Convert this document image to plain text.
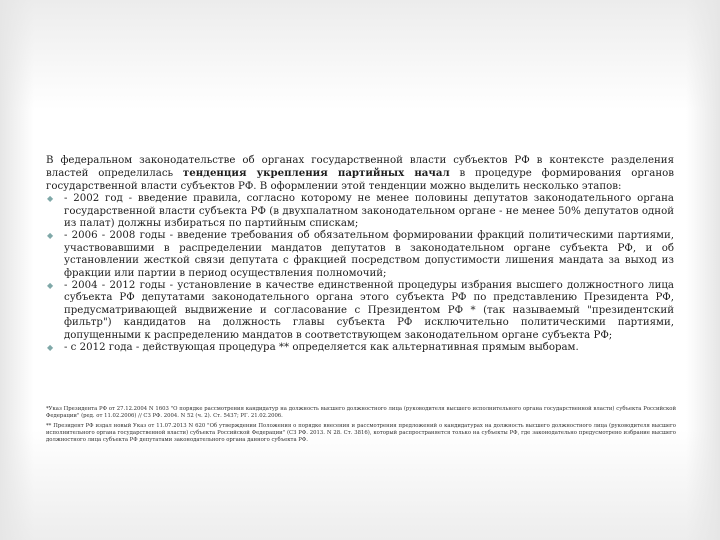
В федеральном законодательстве об органах государственной власти субъектов РФ в контексте разделения властей определилась тенденция укрепления партийных начал в процедуре формирования органов государственной власти субъектов РФ. В оформлении этой тенденции можно выделить несколько этапов:

◆ - 2002 год - введение правила, согласно которому не менее половины депутатов законодательного органа государственной власти субъекта РФ (в двухпалатном законодательном органе - не менее 50% депутатов одной из палат) должны избираться по партийным спискам;
◆ - 2006 - 2008 годы - введение требования об обязательном формировании фракций политическими партиями, участвовавшими в распределении мандатов депутатов в законодательном органе субъекта РФ, и об установлении жесткой связи депутата с фракцией посредством допустимости лишения мандата за выход из фракции или партии в период осуществления полномочий;
◆ - 2004 - 2012 годы - установление в качестве единственной процедуры избрания высшего должностного лица субъекта РФ депутатами законодательного органа этого субъекта РФ по представлению Президента РФ, предусматривающей выдвижение и согласование с Президентом РФ * (так называемый "президентский фильтр") кандидатов на должность главы субъекта РФ исключительно политическими партиями, допущенными к распределению мандатов в соответствующем законодательном органе субъекта РФ;
◆ - с 2012 года - действующая процедура ** определяется как альтернативная прямым выборам.

*Указ Президента РФ от 27.12.2004 N 1603 "О порядке рассмотрения кандидатур на должность высшего должностного лица (руководителя высшего исполнительного органа государственной власти) субъекта Российской Федерации" (ред. от 11.02.2006) // СЗ РФ. 2004. N 52 (ч. 2). Ст. 5437; РГ. 21.02.2006.

** Президент РФ издал новый Указ от 11.07.2013 N 620 "Об утверждении Положения о порядке внесения и рассмотрения предложений о кандидатурах на должность высшего должностного лица (руководителя высшего исполнительного органа государственной власти) субъекта Российской Федерации" (СЗ РФ. 2013. N 28. Ст. 3816), который распространяется только на субъекты РФ, где законодательно предусмотрено избрание высшего должностного лица субъекта РФ депутатами законодательного органа данного субъекта РФ.
